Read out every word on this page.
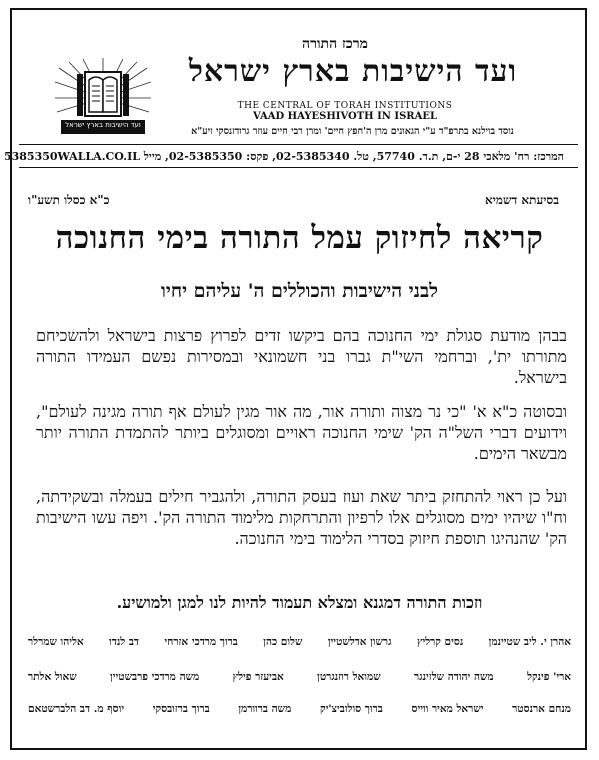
מרכז התורה
ועד הישיבות בארץ ישראל
THE CENTRAL OF TORAH INSTITUTIONS
VAAD HAYESHIVOTH IN ISRAEL
נוסד בוילנא בתרפ"ד ע"י הגאונים מרן ה'חפץ חיים' ומרן רבי חיים עוזר גרודזנסקי זיע"א
ועד הישיבות בארץ ישראל
המרכז: רח' מלאכי 28 י-ם, ת.ד. 57740, טל. 02-5385340, פקס: 02-5385350, מייל 5385350WALLA.CO.IL
כ"א כסלו תשע"ו	בסיעתא דשמיא
קריאה לחיזוק עמל התורה בימי החנוכה
לבני הישיבות והכוללים ה' עליהם יחיו
בבהן מודעת סגולת ימי החנוכה בהם ביקשו זדים לפרוץ פרצות בישראל ולהשכיחם מתורתו ית', וברחמי השי"ת גברו בני חשמונאי ובמסירות נפשם העמידו התורה בישראל.
ובסוטה כ"א א' "כי נר מצוה ותורה אור, מה אור מגין לעולם אף תורה מגינה לעולם", וידועים דברי השל"ה הק' שימי החנוכה ראויים ומסוגלים ביותר להתמדת התורה יותר מבשאר הימים.
ועל כן ראוי להתחזק ביתר שאת ועוז בעסק התורה, ולהגביר חילים בעמלה ובשקידתה, וח"ו שיהיו ימים מסוגלים אלו לרפיון והתרחקות מלימוד התורה הק'. ויפה עשו הישיבות הק' שהנהיגו תוספת חיזוק בסדרי הלימוד בימי החנוכה.
וזכות התורה דמגנא ומצלא תעמוד להיות לנו למגן ולמושיע.
אהרן י. ליב שטיינמן
נסים קרליץ
גרשון אדלשטיין
שלום כהן
ברוך מרדכי אזרחי
דב לנדו
אליהו שמרלר
ארי' פינקל
משה יהודה שלזינגר
שמואל רוזנגרטן
אביעזר פילץ
משה מרדכי פרבשטיין
שאול אלתר
מנחם ארנסטר
ישראל מאיר ווייס
ברוך סולוביצ'יק
משה ברוורמן
ברוך ברזובסקי
יוסף מ. דב הלברשטאם
